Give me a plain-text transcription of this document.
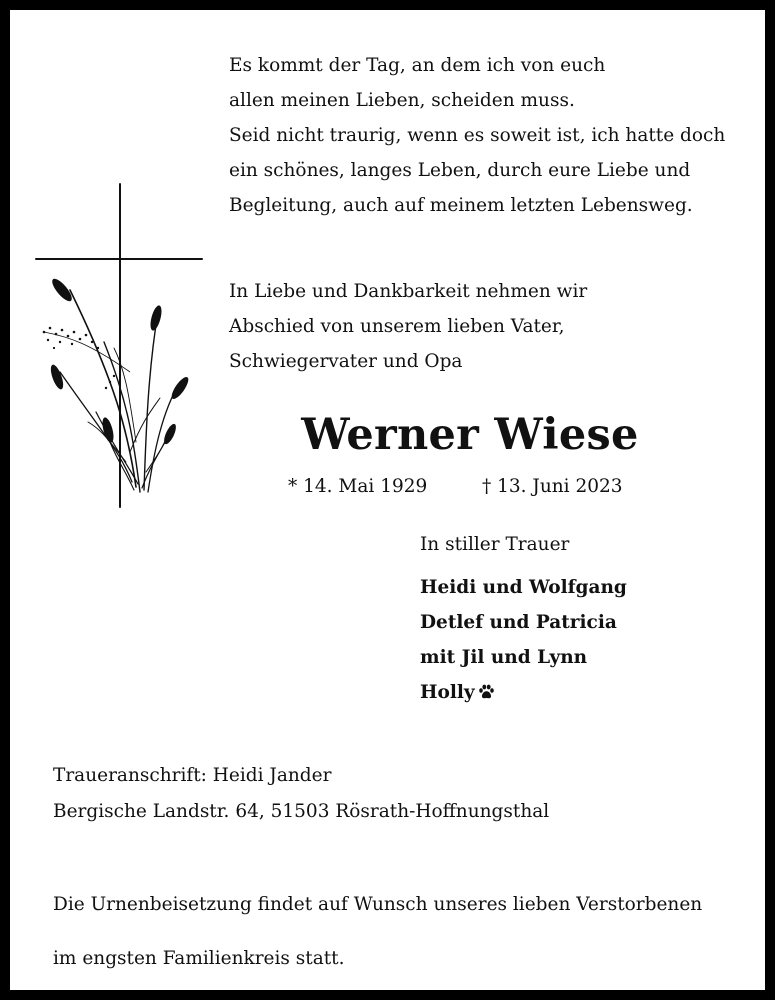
Es kommt der Tag, an dem ich von euch
allen meinen Lieben, scheiden muss.
Seid nicht traurig, wenn es soweit ist, ich hatte doch
ein schönes, langes Leben, durch eure Liebe und
Begleitung, auch auf meinem letzten Lebensweg.
In Liebe und Dankbarkeit nehmen wir
Abschied von unserem lieben Vater,
Schwiegervater und Opa
Werner Wiese
* 14. Mai 1929	† 13. Juni 2023
In stiller Trauer
Heidi und Wolfgang
Detlef und Patricia
mit Jil und Lynn
Holly
Traueranschrift: Heidi Jander
Bergische Landstr. 64, 51503 Rösrath-Hoffnungsthal
Die Urnenbeisetzung findet auf Wunsch unseres lieben Verstorbenen
im engsten Familienkreis statt.
